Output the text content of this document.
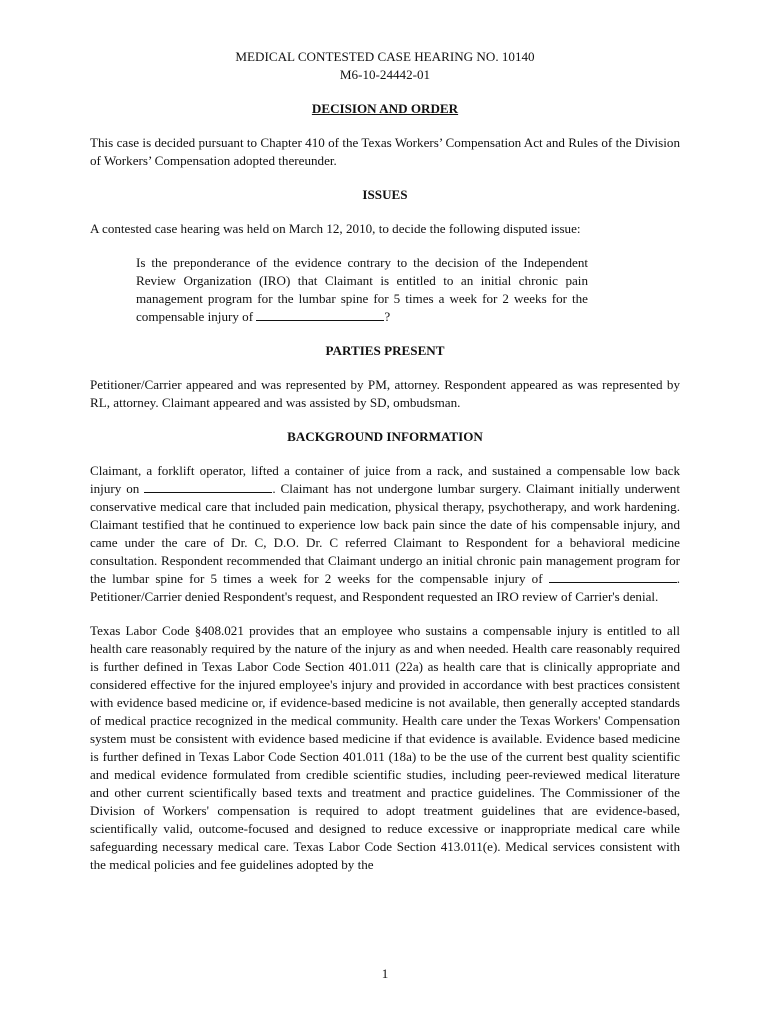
MEDICAL CONTESTED CASE HEARING NO. 10140
M6-10-24442-01
DECISION AND ORDER

This case is decided pursuant to Chapter 410 of the Texas Workers’ Compensation Act and Rules of the Division of Workers’ Compensation adopted thereunder.

ISSUES

A contested case hearing was held on March 12, 2010, to decide the following disputed issue:

Is the preponderance of the evidence contrary to the decision of the Independent Review Organization (IRO) that Claimant is entitled to an initial chronic pain management program for the lumbar spine for 5 times a week for 2 weeks for the compensable injury of	?

PARTIES PRESENT

Petitioner/Carrier appeared and was represented by PM, attorney. Respondent appeared as was represented by RL, attorney. Claimant appeared and was assisted by SD, ombudsman.

BACKGROUND INFORMATION

Claimant, a forklift operator, lifted a container of juice from a rack, and sustained a compensable low back injury on	. Claimant has not undergone lumbar surgery. Claimant initially underwent conservative medical care that included pain medication, physical therapy, psychotherapy, and work hardening. Claimant testified that he continued to experience low back pain since the date of his compensable injury, and came under the care of Dr. C, D.O. Dr. C referred Claimant to Respondent for a behavioral medicine consultation. Respondent recommended that Claimant undergo an initial chronic pain management program for the lumbar spine for 5 times a week for 2 weeks for the compensable injury of	. Petitioner/Carrier denied Respondent's request, and Respondent requested an IRO review of Carrier's denial.

Texas Labor Code §408.021 provides that an employee who sustains a compensable injury is entitled to all health care reasonably required by the nature of the injury as and when needed. Health care reasonably required is further defined in Texas Labor Code Section 401.011 (22a) as health care that is clinically appropriate and considered effective for the injured employee's injury and provided in accordance with best practices consistent with evidence based medicine or, if evidence-based medicine is not available, then generally accepted standards of medical practice recognized in the medical community. Health care under the Texas Workers' Compensation system must be consistent with evidence based medicine if that evidence is available. Evidence based medicine is further defined in Texas Labor Code Section 401.011 (18a) to be the use of the current best quality scientific and medical evidence formulated from credible scientific studies, including peer-reviewed medical literature and other current scientifically based texts and treatment and practice guidelines. The Commissioner of the Division of Workers' compensation is required to adopt treatment guidelines that are evidence-based, scientifically valid, outcome-focused and designed to reduce excessive or inappropriate medical care while safeguarding necessary medical care. Texas Labor Code Section 413.011(e). Medical services consistent with the medical policies and fee guidelines adopted by the

1
